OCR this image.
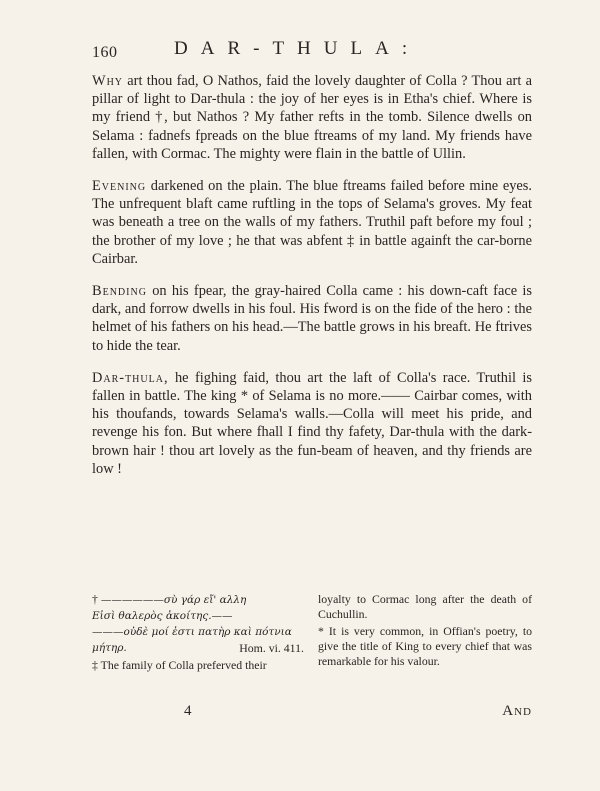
160	DAR-THULA:

Why art thou fad, O Nathos, faid the lovely daughter of Colla ? Thou art a pillar of light to Dar-thula : the joy of her eyes is in Etha's chief. Where is my friend †, but Nathos ? My father refts in the tomb. Silence dwells on Selama : fadnefs fpreads on the blue ftreams of my land. My friends have fallen, with Cormac. The mighty were flain in the battle of Ullin.

Evening darkened on the plain. The blue ftreams failed before mine eyes. The unfrequent blaft came ruftling in the tops of Selama's groves. My feat was beneath a tree on the walls of my fathers. Truthil paft before my foul ; the brother of my love ; he that was abfent ‡ in battle againft the car-borne Cairbar.

Bending on his fpear, the gray-haired Colla came : his down-caft face is dark, and forrow dwells in his foul. His fword is on the fide of the hero : the helmet of his fathers on his head.—The battle grows in his breaft. He ftrives to hide the tear.

Dar-thula, he fighing faid, thou art the laft of Colla's race. Truthil is fallen in battle. The king * of Selama is no more.—— Cairbar comes, with his thoufands, towards Selama's walls.—Colla will meet his pride, and revenge his fon. But where fhall I find thy fafety, Dar-thula with the dark-brown hair ! thou art lovely as the fun-beam of heaven, and thy friends are low !

† ——————σὺ γάρ εἴ' αλλη
Εἰσὶ θαλερὸς ἀκοίτης.——
———οὐδὲ μοί ἐστι πατὴρ καὶ πότνια
μήτηρ.	Hom. vi. 411.

‡ The family of Colla preferved their

loyalty to Cormac long after the death of Cuchullin.

* It is very common, in Offian's poetry, to give the title of King to every chief that was remarkable for his valour.

4	And
